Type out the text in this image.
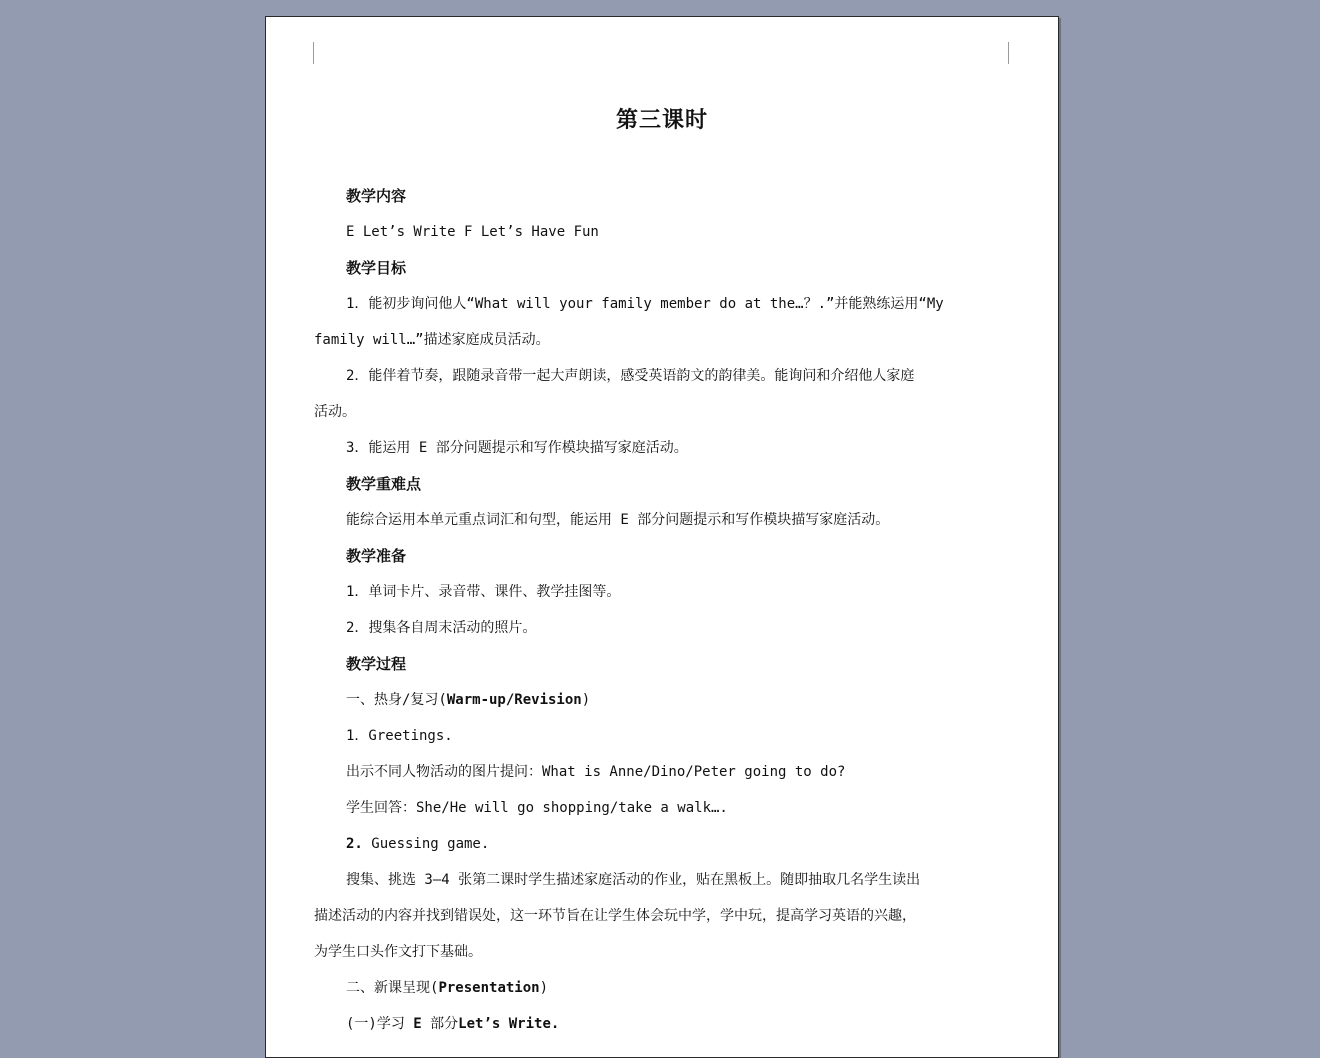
第三课时
教学内容
E Let’s Write F Let’s Have Fun
教学目标
1．能初步询问他人“What will your family member do at the…？.”并能熟练运用“My
family will…”描述家庭成员活动。
2．能伴着节奏，跟随录音带一起大声朗读，感受英语韵文的韵律美。能询问和介绍他人家庭
活动。
3．能运用 E 部分问题提示和写作模块描写家庭活动。
教学重难点
能综合运用本单元重点词汇和句型，能运用 E 部分问题提示和写作模块描写家庭活动。
教学准备
1．单词卡片、录音带、课件、教学挂图等。
2．搜集各自周末活动的照片。
教学过程
一、热身/复习(Warm-up/Revision)
1．Greetings.
出示不同人物活动的图片提问：What is Anne/Dino/Peter going to do?
学生回答：She/He will go shopping/take a walk….
2. Guessing game.
搜集、挑选 3—4 张第二课时学生描述家庭活动的作业，贴在黑板上。随即抽取几名学生读出
描述活动的内容并找到错误处，这一环节旨在让学生体会玩中学，学中玩，提高学习英语的兴趣，
为学生口头作文打下基础。
二、新课呈现(Presentation)
(一)学习 E 部分Let’s Write.
